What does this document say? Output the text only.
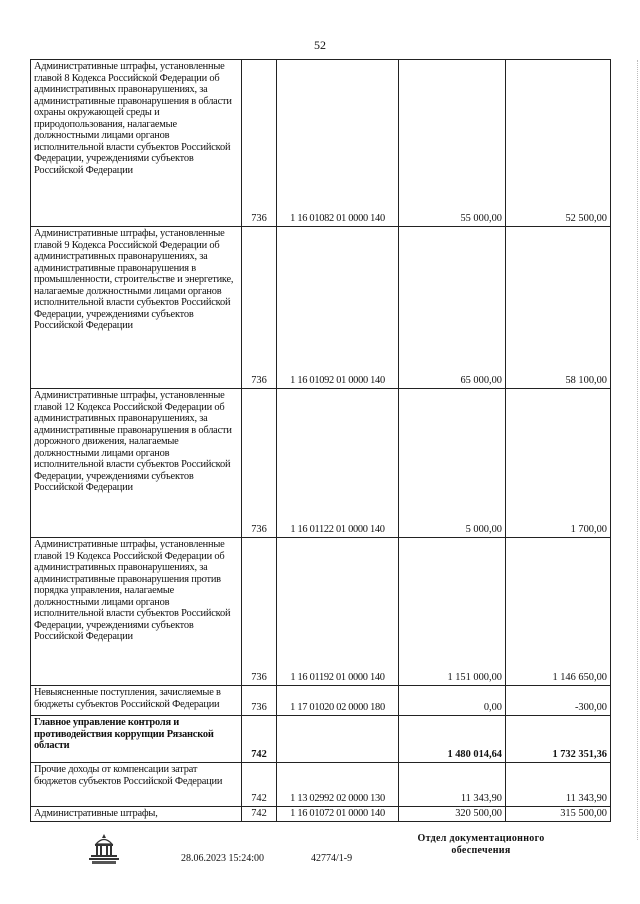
52
Административные штрафы, установленные главой 8 Кодекса Российской Федерации об административных правонарушениях, за административные правонарушения в области охраны окружающей среды и природопользования, налагаемые должностными лицами органов исполнительной власти субъектов Российской Федерации, учреждениями субъектов Российской Федерации	736	1 16 01082 01 0000 140	55 000,00	52 500,00
Административные штрафы, установленные главой 9 Кодекса Российской Федерации об административных правонарушениях, за административные правонарушения в промышленности, строительстве и энергетике, налагаемые должностными лицами органов исполнительной власти субъектов Российской Федерации, учреждениями субъектов Российской Федерации	736	1 16 01092 01 0000 140	65 000,00	58 100,00
Административные штрафы, установленные главой 12 Кодекса Российской Федерации об административных правонарушениях, за административные правонарушения в области дорожного движения, налагаемые должностными лицами органов исполнительной власти субъектов Российской Федерации, учреждениями субъектов Российской Федерации	736	1 16 01122 01 0000 140	5 000,00	1 700,00
Административные штрафы, установленные главой 19 Кодекса Российской Федерации об административных правонарушениях, за административные правонарушения против порядка управления, налагаемые должностными лицами органов исполнительной власти субъектов Российской Федерации, учреждениями субъектов Российской Федерации	736	1 16 01192 01 0000 140	1 151 000,00	1 146 650,00
Невыясненные поступления, зачисляемые в бюджеты субъектов Российской Федерации	736	1 17 01020 02 0000 180	0,00	-300,00
Главное управление контроля и противодействия коррупции Рязанской области	742		1 480 014,64	1 732 351,36
Прочие доходы от компенсации затрат бюджетов субъектов Российской Федерации	742	1 13 02992 02 0000 130	11 343,90	11 343,90
Административные штрафы,	742	1 16 01072 01 0000 140	320 500,00	315 500,00
28.06.2023 15:24:00	42774/1-9
Отдел документационного
обеспечения
